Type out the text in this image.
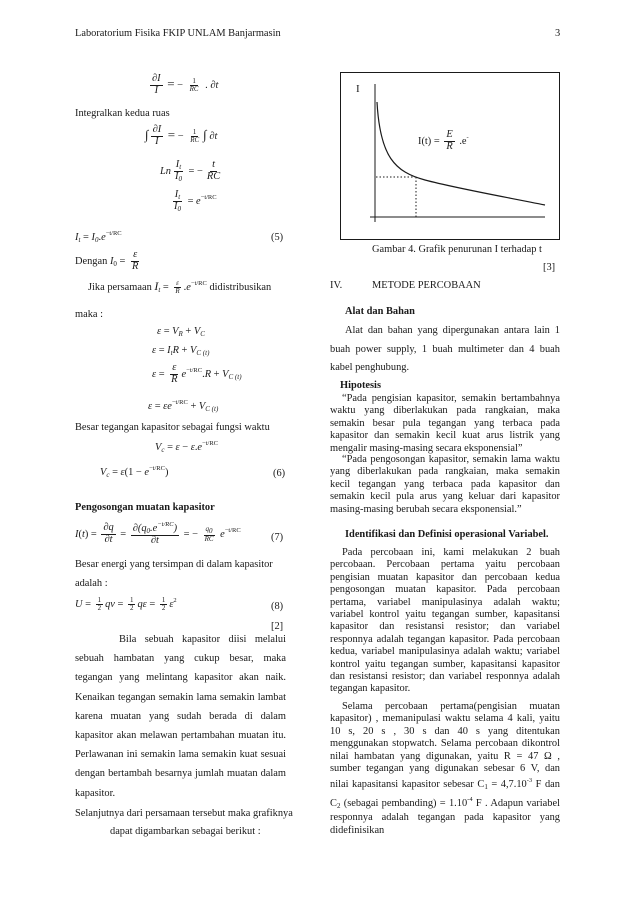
Laboratorium Fisika FKIP UNLAM Banjarmasin	3
$\frac{\partial I}{I}$ = − $\frac{1}{RC}$ . ∂t
Integralkan kedua ruas
∫ $\frac{\partial I}{I}$ = − $\frac{1}{RC}$ ∫ ∂t
Ln $\frac{I_t}{I_0}$ = − $\frac{t}{RC}$
$\frac{I_t}{I_0} = e^{-t/RC}$
$I_t = I_0.e^{-t/RC}$	(5)
Dengan $I_0 = \frac{\varepsilon}{R}$
Jika persamaan $I_t = \frac{\varepsilon}{R} .e^{-t/RC}$ didistribusikan
maka :
$\varepsilon = V_R + V_C$
$\varepsilon = I_tR + V_{C (t)}$
$\varepsilon = \frac{\varepsilon}{R} e^{-t/RC}.R + V_{C (t)}$
$\varepsilon = \varepsilon e^{-t/RC} + V_{C (t)}$
Besar tegangan kapasitor sebagai fungsi waktu
$V_c = \varepsilon - \varepsilon.e^{-t/RC}$
$V_c = \varepsilon(1 - e^{-t/RC})$	(6)
Pengosongan muatan kapasitor
$I(t) = \frac{\partial q}{\partial t} = \frac{\partial(q_0.e^{-t/RC})}{\partial t}$ = − $\frac{q0}{RC} e^{-t/RC}$
(7)
Besar energi yang tersimpan di dalam kapasitor
adalah :
$U = \frac{1}{2}$ qv = $\frac{1}{2}$ $q\varepsilon = \frac{1}{2} \varepsilon^2$
(8)
[2]
Bila sebuah kapasitor diisi melalui sebuah hambatan yang cukup besar, maka tegangan yang melintang kapasitor akan naik. Kenaikan tegangan semakin lama semakin lambat karena muatan yang sudah berada di dalam kapasitor akan melawan pertambahan muatan itu. Perlawanan ini semakin lama semakin kuat sesuai dengan bertambah besarnya jumlah muatan dalam kapasitor.
Selanjutnya dari persamaan tersebut maka grafiknya
dapat digambarkan sebagai berikut :
I
$I(t) = \frac{E}{R} .e^-$
Gambar 4. Grafik penurunan I terhadap t
[3]
IV.	METODE PERCOBAAN
Alat dan Bahan
Alat dan bahan yang dipergunakan antara lain 1 buah power supply, 1 buah multimeter dan 4 buah kabel penghubung.
Hipotesis
“Pada pengisian kapasitor, semakin bertambahnya waktu yang diberlakukan pada rangkaian, maka semakin besar pula tegangan yang terbaca pada kapasitor dan semakin kecil kuat arus listrik yang mengalir masing-masing secara eksponensial”
“Pada pengosongan kapasitor, semakin lama waktu yang diberlakukan pada rangkaian, maka semakin kecil tegangan yang terbaca pada kapasitor dan semakin kecil pula arus yang keluar dari kapasitor masing-masing berubah secara eksponensial.”
Identifikasi dan Definisi operasional Variabel.
Pada percobaan ini, kami melakukan 2 buah percobaan. Percobaan pertama yaitu percobaan pengisian muatan kapasitor dan percobaan kedua pengosongan muatan kapasitor. Pada percobaan pertama, variabel manipulasinya adalah waktu; variabel kontrol yaitu tegangan sumber, kapasitansi kapasitor dan resistansi resistor; dan variabel responnya adalah tegangan kapasitor. Pada percobaan kedua, variabel manipulasinya adalah waktu; variabel kontrol yaitu tegangan sumber, kapasitansi kapasitor dan resistansi resistor; dan variabel responnya adalah tegangan kapasitor.
Selama percobaan pertama(pengisian muatan kapasitor) , memanipulasi waktu selama 4 kali, yaitu 10 s, 20 s , 30 s dan 40 s yang ditentukan menggunakan stopwatch. Selama percobaan dikontrol nilai hambatan yang digunakan, yaitu R = 47 Ω , sumber tegangan yang digunakan sebesar 6 V, dan nilai kapasitansi kapasitor sebesar $C_1 = 4,7.10^{-3}$ F dan $C_2$ (sebagai pembanding) = $1.10^{-4}$ F . Adapun variabel responnya adalah tegangan pada kapasitor yang didefinisikan
